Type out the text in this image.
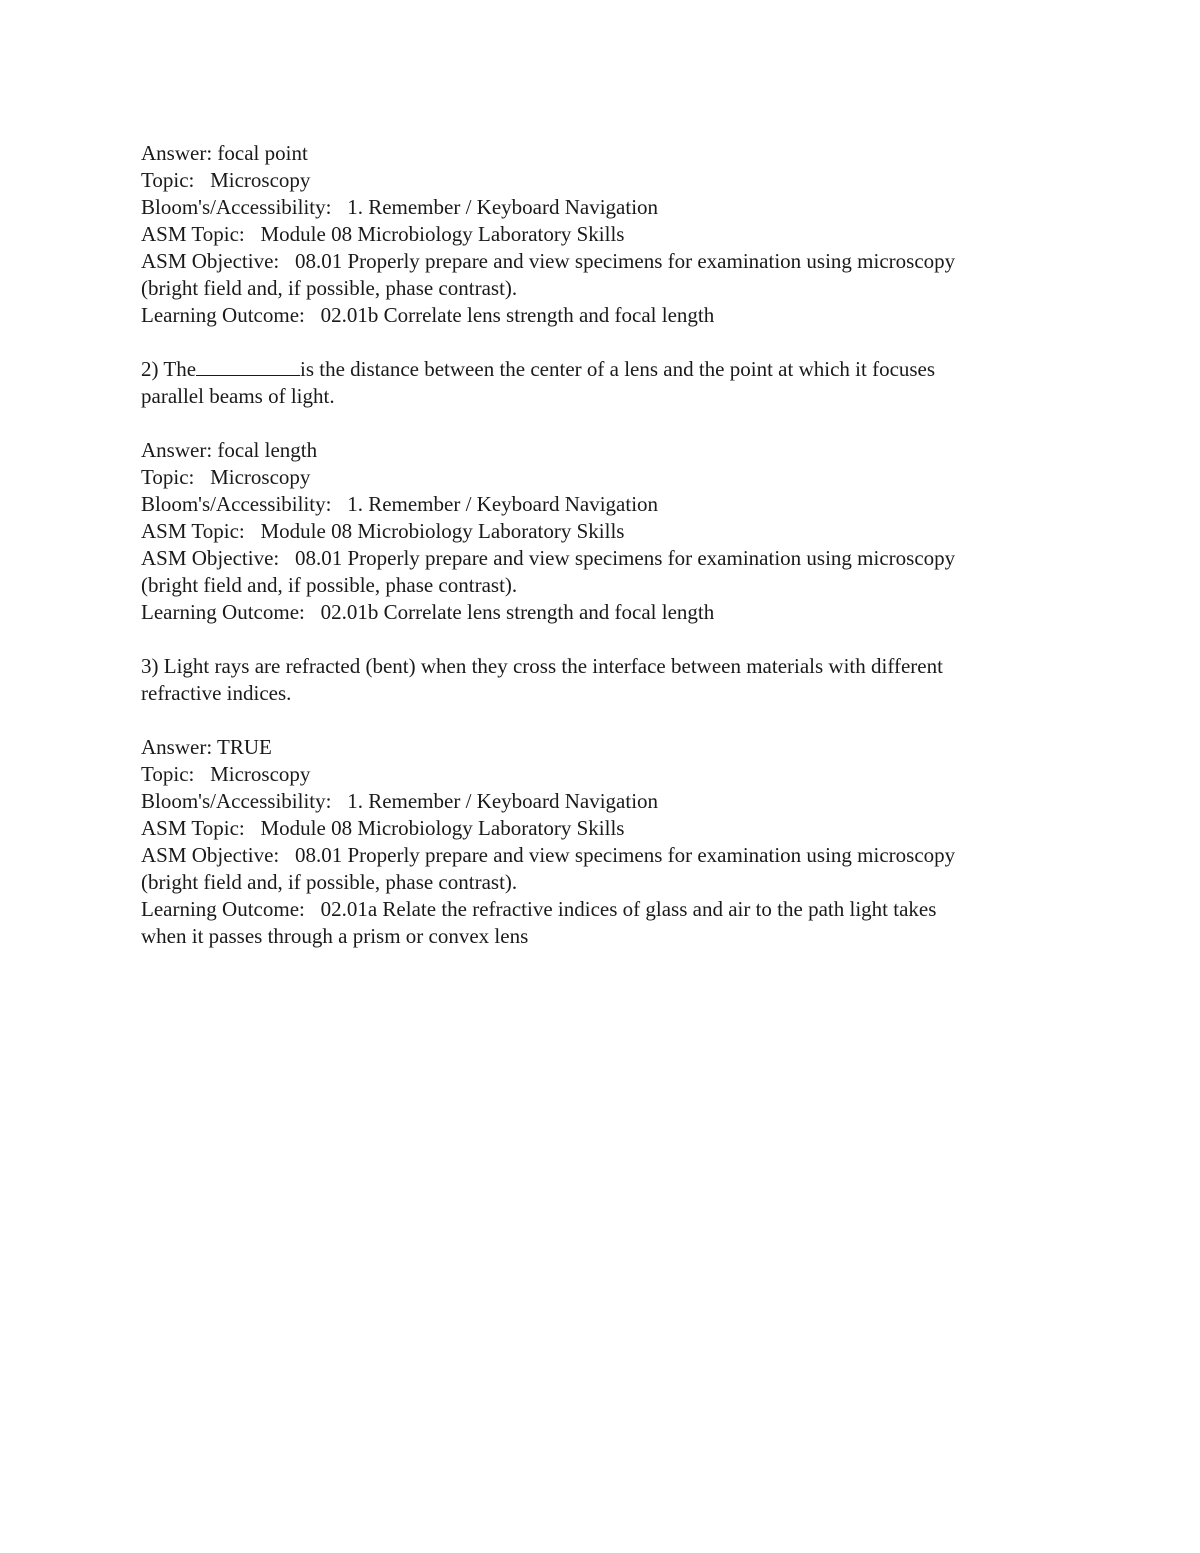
Answer: focal point
Topic:   Microscopy
Bloom's/Accessibility:   1. Remember / Keyboard Navigation
ASM Topic:   Module 08 Microbiology Laboratory Skills
ASM Objective:   08.01 Properly prepare and view specimens for examination using microscopy
(bright field and, if possible, phase contrast).
Learning Outcome:   02.01b Correlate lens strength and focal length
2) The	is the distance between the center of a lens and the point at which it focuses
parallel beams of light.
Answer: focal length
Topic:   Microscopy
Bloom's/Accessibility:   1. Remember / Keyboard Navigation
ASM Topic:   Module 08 Microbiology Laboratory Skills
ASM Objective:   08.01 Properly prepare and view specimens for examination using microscopy
(bright field and, if possible, phase contrast).
Learning Outcome:   02.01b Correlate lens strength and focal length
3) Light rays are refracted (bent) when they cross the interface between materials with different
refractive indices.
Answer: TRUE
Topic:   Microscopy
Bloom's/Accessibility:   1. Remember / Keyboard Navigation
ASM Topic:   Module 08 Microbiology Laboratory Skills
ASM Objective:   08.01 Properly prepare and view specimens for examination using microscopy
(bright field and, if possible, phase contrast).
Learning Outcome:   02.01a Relate the refractive indices of glass and air to the path light takes
when it passes through a prism or convex lens
